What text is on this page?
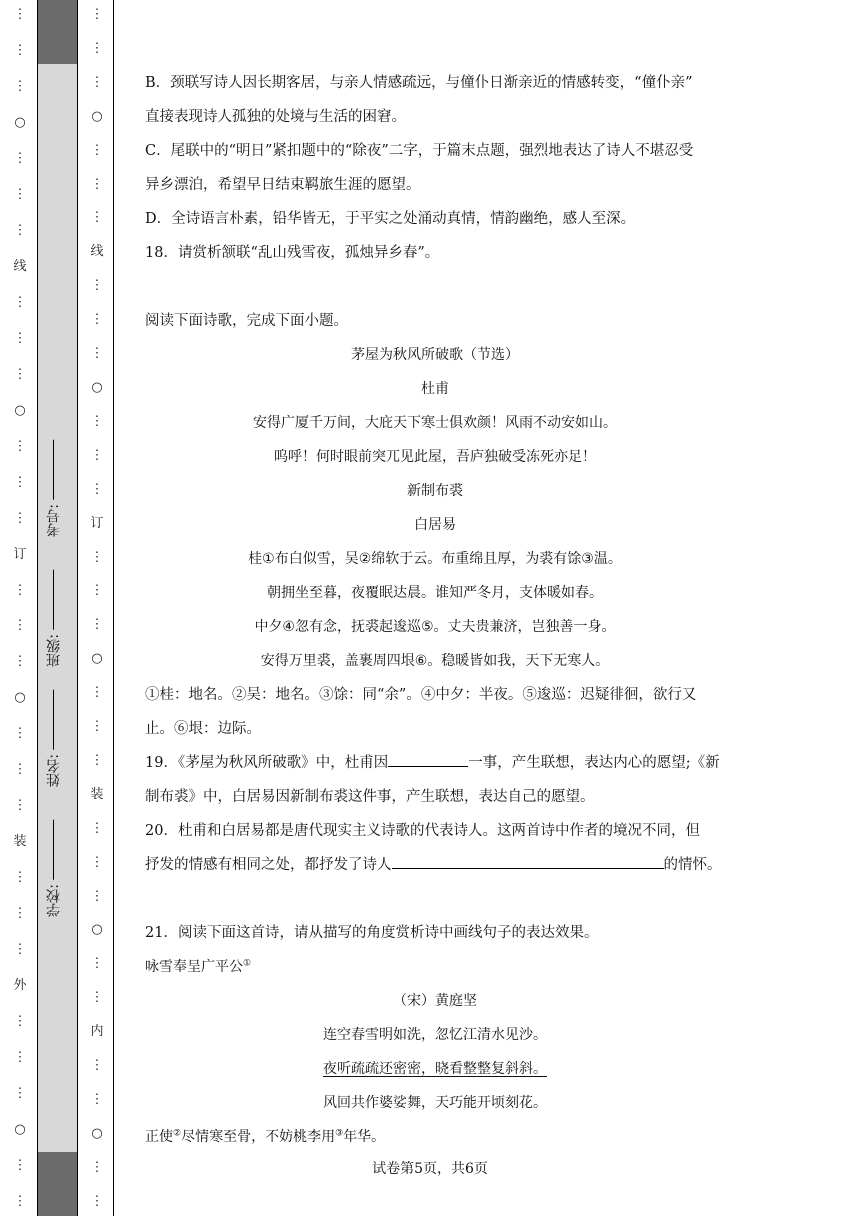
⋮
⋮
⋮
○
⋮
⋮
⋮
线
⋮
⋮
⋮
○
⋮
⋮
⋮
订
⋮
⋮
⋮
○
⋮
⋮
⋮
装
⋮
⋮
⋮
外
⋮
⋮
⋮
○
⋮
⋮
考号:
班级:
姓名:
学校:
⋮
⋮
⋮
○
⋮
⋮
⋮
线
⋮
⋮
⋮
○
⋮
⋮
⋮
订
⋮
⋮
⋮
○
⋮
⋮
⋮
装
⋮
⋮
⋮
○
⋮
⋮
内
⋮
⋮
○
⋮
⋮

B．颈联写诗人因长期客居，与亲人情感疏远，与僮仆日渐亲近的情感转变，“僮仆亲”

直接表现诗人孤独的处境与生活的困窘。

C．尾联中的“明日”紧扣题中的“除夜”二字，于篇末点题，强烈地表达了诗人不堪忍受

异乡漂泊，希望早日结束羁旅生涯的愿望。

D．全诗语言朴素，铅华皆无，于平实之处涌动真情，情韵幽绝，感人至深。

18．请赏析颔联“乱山残雪夜，孤烛异乡春”。

阅读下面诗歌，完成下面小题。

茅屋为秋风所破歌（节选）

杜甫

安得广厦千万间，大庇天下寒士俱欢颜！风雨不动安如山。

呜呼！何时眼前突兀见此屋，吾庐独破受冻死亦足！

新制布裘

白居易

桂①布白似雪，吴②绵软于云。布重绵且厚，为裘有馀③温。

朝拥坐至暮，夜覆眠达晨。谁知严冬月，支体暖如春。

中夕④忽有念，抚裘起逡巡⑤。丈夫贵兼济，岂独善一身。

安得万里裘，盖裹周四垠⑥。稳暖皆如我，天下无寒人。

①桂：地名。②吴：地名。③馀：同“余”。④中夕：半夜。⑤逡巡：迟疑徘徊，欲行又

止。⑥垠：边际。

19．《茅屋为秋风所破歌》中，杜甫因	一事，产生联想，表达内心的愿望;《新

制布裘》中，白居易因新制布裘这件事，产生联想，表达自己的愿望。

20．杜甫和白居易都是唐代现实主义诗歌的代表诗人。这两首诗中作者的境况不同，但

抒发的情感有相同之处，都抒发了诗人	的情怀。

21．阅读下面这首诗，请从描写的角度赏析诗中画线句子的表达效果。

咏雪奉呈广平公①

（宋）黄庭坚

连空春雪明如洗，忽忆江清水见沙。

夜听疏疏还密密，晓看整整复斜斜。

风回共作婆娑舞，天巧能开顷刻花。

正使②尽情寒至骨，不妨桃李用③年华。

试卷第5页，共6页
